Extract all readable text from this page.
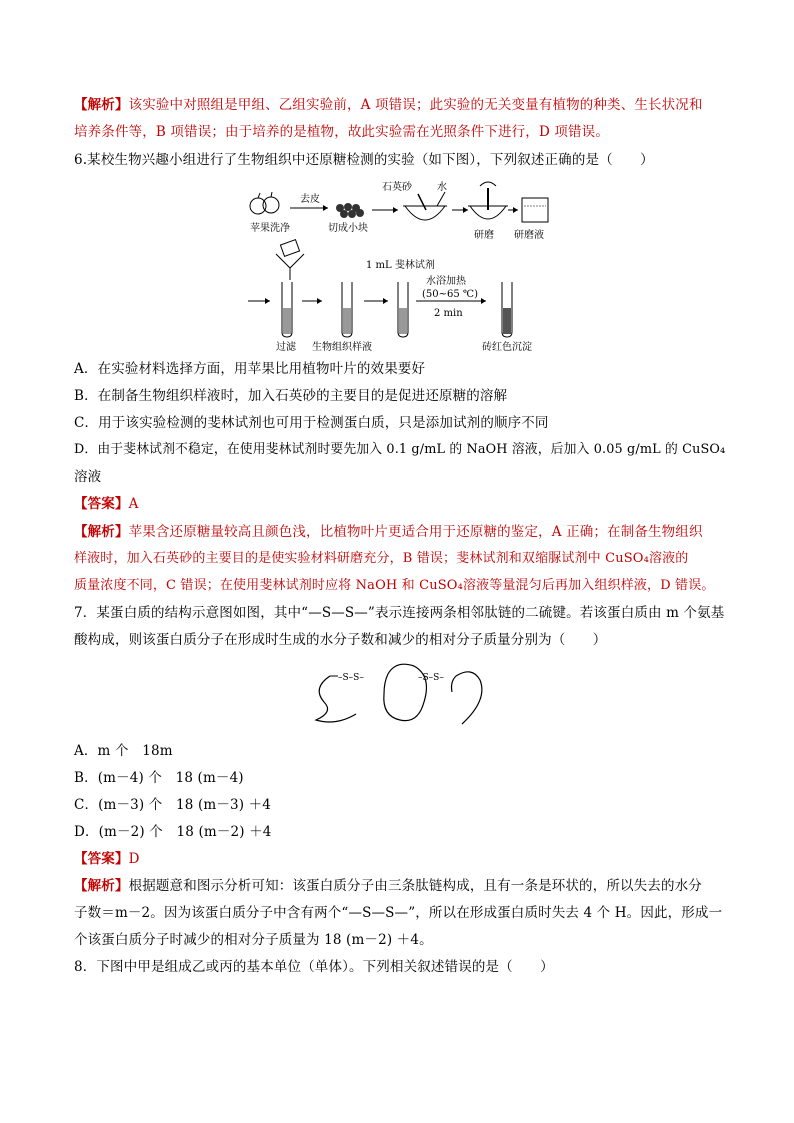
【解析】该实验中对照组是甲组、乙组实验前，A 项错误；此实验的无关变量有植物的种类、生长状况和
培养条件等，B 项错误；由于培养的是植物，故此实验需在光照条件下进行，D 项错误。
6.某校生物兴趣小组进行了生物组织中还原糖检测的实验（如下图），下列叙述正确的是（　　）
苹果洗净
去皮
切成小块
石英砂	水
研磨 研磨液
过滤 生物组织样液
1 mL 斐林试剂
水浴加热
(50~65 ℃)
2 min
砖红色沉淀
A．在实验材料选择方面，用苹果比用植物叶片的效果要好
B．在制备生物组织样液时，加入石英砂的主要目的是促进还原糖的溶解
C．用于该实验检测的斐林试剂也可用于检测蛋白质，只是添加试剂的顺序不同
D．由于斐林试剂不稳定，在使用斐林试剂时要先加入 0.1 g/mL 的 NaOH 溶液，后加入 0.05 g/mL 的 CuSO₄
溶液
【答案】A
【解析】苹果含还原糖量较高且颜色浅，比植物叶片更适合用于还原糖的鉴定，A 正确；在制备生物组织
样液时，加入石英砂的主要目的是使实验材料研磨充分，B 错误；斐林试剂和双缩脲试剂中 CuSO₄溶液的
质量浓度不同，C 错误；在使用斐林试剂时应将 NaOH 和 CuSO₄溶液等量混匀后再加入组织样液，D 错误。
7．某蛋白质的结构示意图如图，其中“—S—S—”表示连接两条相邻肽链的二硫键。若该蛋白质由 m 个氨基
酸构成，则该蛋白质分子在形成时生成的水分子数和减少的相对分子质量分别为（　　）
–S–S–	–S–S–
A．m 个　18m
B．(m－4) 个　18 (m－4)
C．(m－3) 个　18 (m－3) ＋4
D．(m－2) 个　18 (m－2) ＋4
【答案】D
【解析】根据题意和图示分析可知：该蛋白质分子由三条肽链构成，且有一条是环状的，所以失去的水分
子数＝m－2。因为该蛋白质分子中含有两个“—S—S—”，所以在形成蛋白质时失去 4 个 H。因此，形成一
个该蛋白质分子时减少的相对分子质量为 18 (m－2) ＋4。
8．下图中甲是组成乙或丙的基本单位（单体）。下列相关叙述错误的是（　　）
